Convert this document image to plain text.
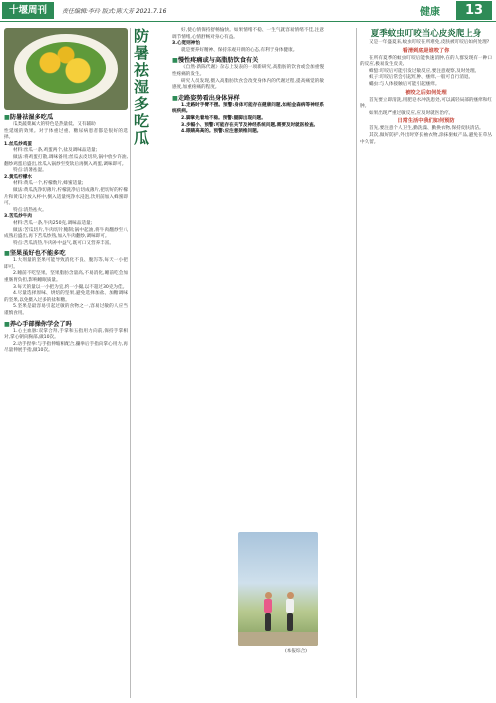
十堰周刊	责任编辑:李玲 版式:陈大芳 2021.7.16	健康	13
■防暑祛湿多吃瓜

瓜类蔬菜属大的特色是热量低、又有辅助

性延缓的效果。对于体重过重、糖尿病患者都是很好的选择。

1.丝瓜炒鸡蛋

材料:丝瓜一条,鸡蛋两个,盐及调味品适量;

做法:将鸡蛋打散,调味备用;丝瓜去皮切块,锅中放少许油,翻炒鸡蛋后盛出,丝瓜入锅炒至变软后再倒入鸡蛋,调味即可。

特点:清暑祛湿。

2.黄瓜柠檬水

材料:黄瓜一个,柠檬数片,蜂蜜适量;

做法:黄瓜洗净切薄片,柠檬洗净后切成薄片,把切好的柠檬片和黄瓜片放入杯中,倒入适量纯净水浸泡,饮用前加入蜂蜜即可。

特点:清热祛火。

3.苦瓜炒牛肉

材料:苦瓜一条,牛肉250克,调味品适量;

做法:苦瓜切片,牛肉切片腌制;锅中起油,将牛肉翻炒至八成熟后盛出,再下苦瓜炒熟,加入牛肉翻炒,调味即可。

特点:苦瓜清热,牛肉补中益气,既可口又营养丰富。

■坚果虽好也不能多吃

1.大剂量的坚果可能导致消化不良、腹泻等,每天一小把即可。

2.睡前不吃坚果。坚果脂肪含量高,不易消化,睡前吃会加重肠胃负担,影响睡眠质量。

3.每天的量以一小把为宜,约一小撮,以不超过30克为佳。

4.尽量选择原味、烘焙的坚果,避免选择加盐、加糖调味的坚果,以免摄入过多的盐和糖。

5.坚果是最容易引起过敏的食物之一,容易过敏的人应当谨慎食用。

■养心手部操你学会了吗

1.心主血脉:双掌合拜,手掌和五指用力向前,保持手掌相对,掌心朝向胸部,做10次。

2.动手捏拳:与手指伸缩相配合,攥拳后手指向掌心用力,再尽量伸展手指,做10次。

防暑祛湿多吃瓜	好,使心情保持舒畅愉快。如果情绪不稳、一生气就容易情绪不佳,注意调节情绪,心情舒畅对身心有益。

3.心宽则神怡

就是要养好精神、保持乐观开朗的心态,有利于身体健康。

■慢性疼痛或与高脂肪饮食有关

《自然·新陈代谢》杂志上发表的一项新研究,高脂肪的饮食或会加重慢性疼痛的发生。

研究人员发现,摄入高脂肪饮食会改变身体内的代谢过程,提高痛觉的敏感度,加重疼痛的程度。

■走路姿势看出身体异样

1.走路时手臂不摆。预警:身体可能存在健康问题,如帕金森病等神经系统疾病。

2.脚掌先着地不稳。预警:腿脚出现问题。

3.步幅小、预警:可能存在关节及神经系统问题,需要及时就医检查。

4.眼睛高高的。预警:应注意颈椎问题。

(本报综合)
夏季蚊虫叮咬当心皮炎爬上身

又是一年盛夏来,蚊虫叮咬在所难免,皮肤被叮咬后如何处理?

看清到底是谁咬了你

在所有夏季的蚊虫叮咬后能快速消肿,在的人群发现有一种口的反应,极易发生皮炎,

蜂蜇:叮咬后可能引发过敏反应,要注意观察,及时处理。

蚁子:叮咬后常会引起红肿、瘙痒,一般可自行消退。

蟎虫:与人体接触后可能引起瘙痒。

被咬之后如何处理

首先要立即清洗,用肥皂水冲洗患处,可以减轻局部的瘙痒和红肿。

如果出现严重过敏反应,应及时就医治疗。

日常生活中我们如何预防

首先,要注意个人卫生,勤洗澡、勤换衣物,保持皮肤清洁。

其次,做好防护,外出时穿长袖衣物,涂抹驱蚊产品,避免在草丛中久留。
